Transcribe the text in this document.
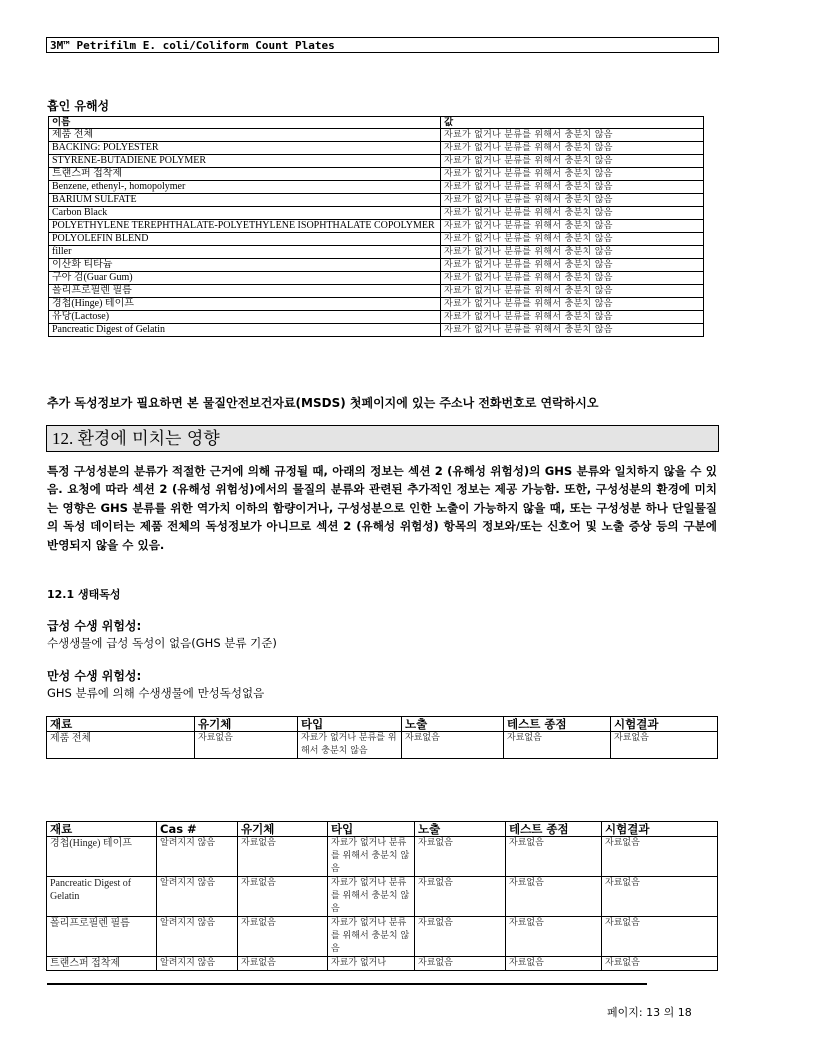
3M™ Petrifilm E. coli/Coliform Count Plates
흡인 유해성
이름	값
제품 전체	자료가 없거나 분류를 위해서 충분치 않음
BACKING: POLYESTER	자료가 없거나 분류를 위해서 충분치 않음
STYRENE-BUTADIENE POLYMER	자료가 없거나 분류를 위해서 충분치 않음
트랜스퍼 접착제	자료가 없거나 분류를 위해서 충분치 않음
Benzene, ethenyl-, homopolymer	자료가 없거나 분류를 위해서 충분치 않음
BARIUM SULFATE	자료가 없거나 분류를 위해서 충분치 않음
Carbon Black	자료가 없거나 분류를 위해서 충분치 않음
POLYETHYLENE TEREPHTHALATE-POLYETHYLENE ISOPHTHALATE COPOLYMER	자료가 없거나 분류를 위해서 충분치 않음
POLYOLEFIN BLEND	자료가 없거나 분류를 위해서 충분치 않음
filler	자료가 없거나 분류를 위해서 충분치 않음
이산화 티타늄	자료가 없거나 분류를 위해서 충분치 않음
구아 검(Guar Gum)	자료가 없거나 분류를 위해서 충분치 않음
폴리프로필렌 필름	자료가 없거나 분류를 위해서 충분치 않음
경첩(Hinge) 테이프	자료가 없거나 분류를 위해서 충분치 않음
유당(Lactose)	자료가 없거나 분류를 위해서 충분치 않음
Pancreatic Digest of Gelatin	자료가 없거나 분류를 위해서 충분치 않음
추가 독성정보가 필요하면 본 물질안전보건자료(MSDS) 첫페이지에 있는 주소나 전화번호로 연락하시오
12. 환경에 미치는 영향
특정 구성성분의 분류가 적절한 근거에 의해 규정될 때, 아래의 정보는 섹션 2 (유해성 위험성)의 GHS 분류와 일치하지 않을 수 있음. 요청에 따라 섹션 2 (유해성 위험성)에서의 물질의 분류와 관련된 추가적인 정보는 제공 가능함. 또한, 구성성분의 환경에 미치는 영향은 GHS 분류를 위한 역가치 이하의 함량이거나, 구성성분으로 인한 노출이 가능하지 않을 때, 또는 구성성분 하나 단일물질의 독성 데이터는 제품 전체의 독성정보가 아니므로 섹션 2 (유해성 위험성) 항목의 정보와/또는 신호어 및 노출 증상 등의 구분에 반영되지 않을 수 있음.
12.1 생태독성
급성 수생 위험성:
수생생물에 급성 독성이 없음(GHS 분류 기준)
만성 수생 위험성:
GHS 분류에 의해 수생생물에 만성독성없음
재료	유기체	타입	노출	테스트 종점	시험결과
제품 전체	자료없음	자료가 없거나 분류를 위해서 충분치 않음	자료없음	자료없음	자료없음
재료	Cas #	유기체	타입	노출	테스트 종점	시험결과
경첩(Hinge) 테이프	알려지지 않음	자료없음	자료가 없거나 분류를 위해서 충분치 않음	자료없음	자료없음	자료없음
Pancreatic Digest of Gelatin	알려지지 않음	자료없음	자료가 없거나 분류를 위해서 충분치 않음	자료없음	자료없음	자료없음
폴리프로필렌 필름	알려지지 않음	자료없음	자료가 없거나 분류를 위해서 충분치 않음	자료없음	자료없음	자료없음
트랜스퍼 접착제	알려지지 않음	자료없음	자료가 없거나	자료없음	자료없음	자료없음
페이지: 13 의 18
